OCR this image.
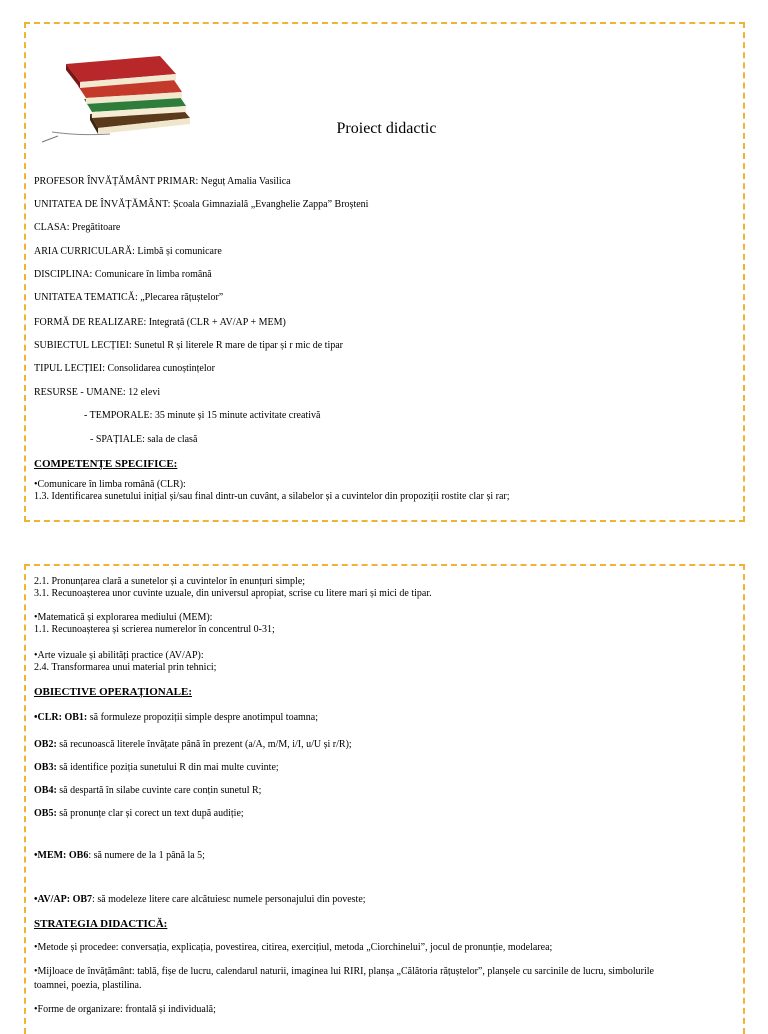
Proiect didactic
PROFESOR ÎNVĂȚĂMÂNT PRIMAR: Neguț Amalia Vasilica
UNITATEA DE ÎNVĂȚĂMÂNT: Școala Gimnazială „Evanghelie Zappa” Broșteni
CLASA: Pregătitoare
ARIA CURRICULARĂ: Limbă și comunicare
DISCIPLINA: Comunicare în limba română
UNITATEA TEMATICĂ: „Plecarea rățuștelor”
FORMĂ DE REALIZARE: Integrată (CLR + AV/AP + MEM)
SUBIECTUL LECȚIEI: Sunetul R și literele R mare de tipar și r mic de tipar
TIPUL LECȚIEI: Consolidarea cunoștințelor
RESURSE - UMANE: 12 elevi
- TEMPORALE: 35 minute și 15 minute activitate creativă
- SPAȚIALE: sala de clasă
COMPETENȚE SPECIFICE:
•Comunicare în limba română (CLR):
1.3. Identificarea sunetului inițial și/sau final dintr-un cuvânt, a silabelor și a cuvintelor din propoziții rostite clar și rar;
2.1. Pronunțarea clară a sunetelor și a cuvintelor în enunțuri simple;
3.1. Recunoașterea unor cuvinte uzuale, din universul apropiat, scrise cu litere mari și mici de tipar.
•Matematică și explorarea mediului (MEM):
1.1. Recunoașterea și scrierea numerelor în concentrul 0-31;
•Arte vizuale și abilități practice (AV/AP):
2.4. Transformarea unui material prin tehnici;
OBIECTIVE OPERAȚIONALE:
•CLR: OB1: să formuleze propoziții simple despre anotimpul toamna;
OB2: să recunoască literele învățate până în prezent (a/A, m/M, i/I, u/U și r/R);
OB3: să identifice poziția sunetului R din mai multe cuvinte;
OB4: să despartă în silabe cuvinte care conțin sunetul R;
OB5: să pronunțe clar și corect un text după audiție;
•MEM: OB6: să numere de la 1 până la 5;
•AV/AP: OB7: să modeleze litere care alcătuiesc numele personajului din poveste;
STRATEGIA DIDACTICĂ:
•Metode și procedee: conversația, explicația, povestirea, citirea, exercițiul, metoda „Ciorchinelui”, jocul de pronunție, modelarea;
•Mijloace de învățământ: tablă, fișe de lucru, calendarul naturii, imaginea lui RIRI, planșa „Călătoria rățuștelor”, planșele cu sarcinile de lucru, simbolurile
toamnei, poezia, plastilina.
•Forme de organizare: frontală și individuală;
